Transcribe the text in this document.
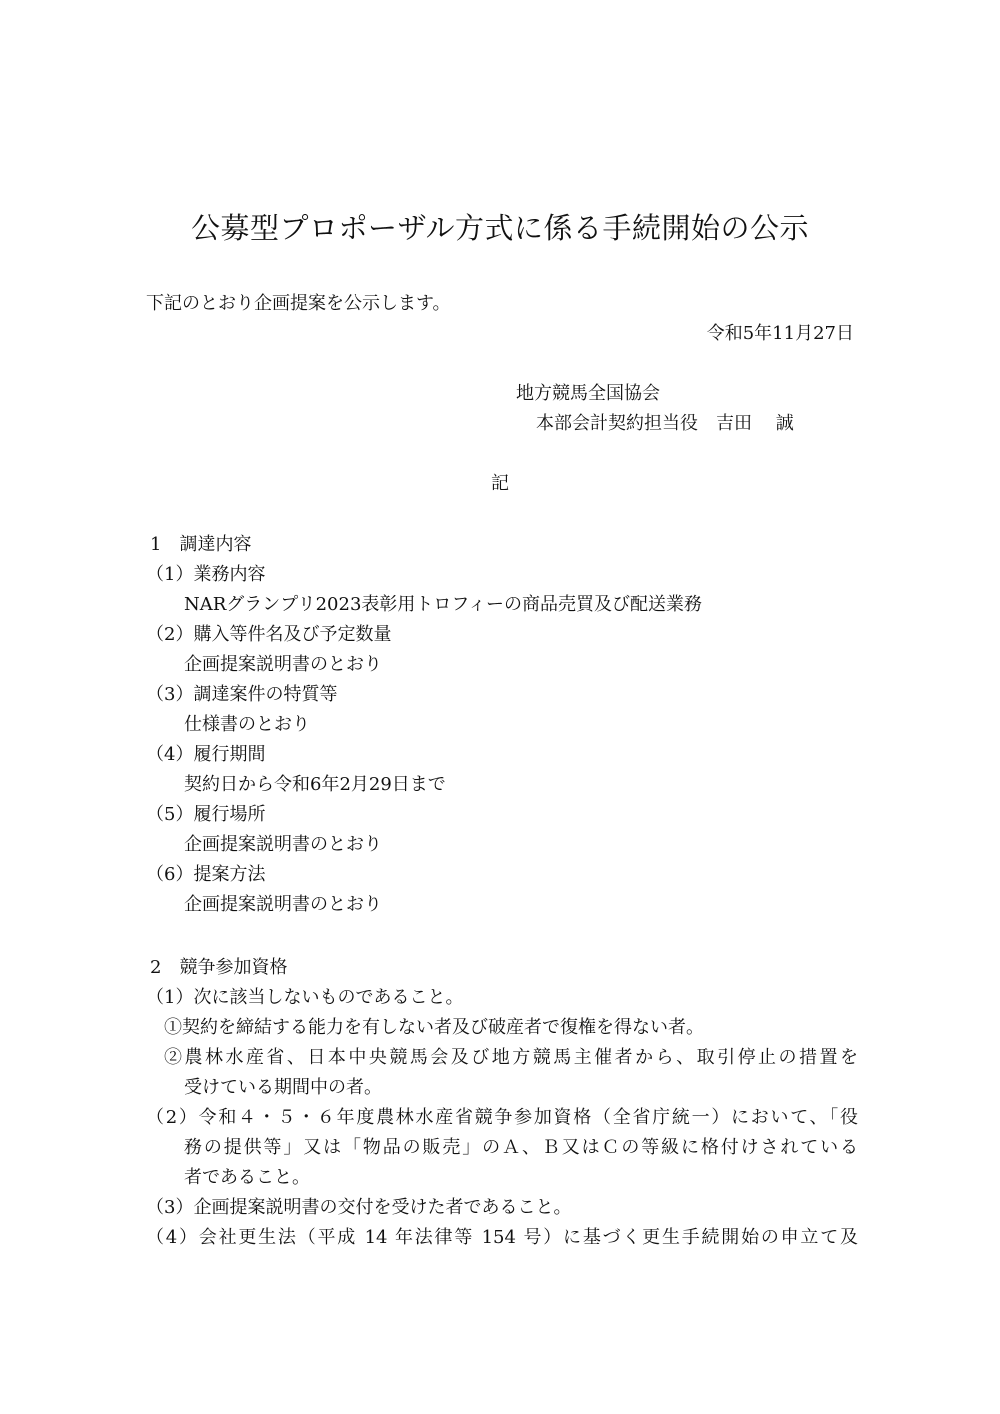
公募型プロポーザル方式に係る手続開始の公示
下記のとおり企画提案を公示します。
令和5年11月27日
地方競馬全国協会
本部会計契約担当役　吉田　 誠
記
1　調達内容
（1）業務内容
NARグランプリ2023表彰用トロフィーの商品売買及び配送業務
（2）購入等件名及び予定数量
企画提案説明書のとおり
（3）調達案件の特質等
仕様書のとおり
（4）履行期間
契約日から令和6年2月29日まで
（5）履行場所
企画提案説明書のとおり
（6）提案方法
企画提案説明書のとおり
2　競争参加資格
（1）次に該当しないものであること。
①契約を締結する能力を有しない者及び破産者で復権を得ない者。
②農林水産省、日本中央競馬会及び地方競馬主催者から、取引停止の措置を
受けている期間中の者。
（2）令和４・５・６年度農林水産省競争参加資格（全省庁統一）において、「役
務の提供等」又は「物品の販売」のＡ、Ｂ又はＣの等級に格付けされている
者であること。
（3）企画提案説明書の交付を受けた者であること。
（4）会社更生法（平成 14 年法律等 154 号）に基づく更生手続開始の申立て及
